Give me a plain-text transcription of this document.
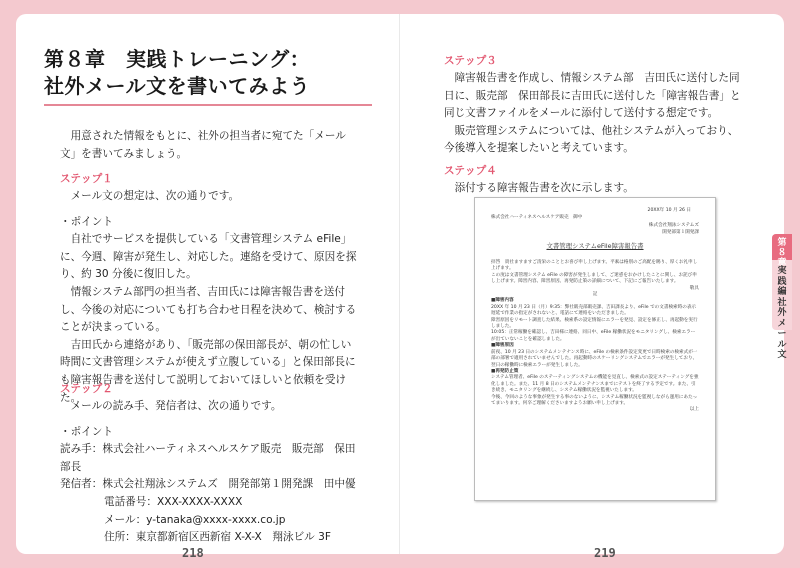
第８章　実践トレーニング：
社外メール文を書いてみよう

用意された情報をもとに、社外の担当者に宛てた「メール文」を書いてみましょう。

ステップ１

メール文の想定は、次の通りです。

・ポイント

自社でサービスを提供している「文書管理システム eFile」に、今週、障害が発生し、対応した。連絡を受けて、原因を探り、約 30 分後に復旧した。

情報システム部門の担当者、吉田氏には障害報告書を送付し、今後の対応についても打ち合わせ日程を決めて、検討することが決まっている。

吉田氏から連絡があり、「販売部の保田部長が、朝の忙しい時間に文書管理システムが使えず立腹している」と保田部長にも障害報告書を送付して説明しておいてほしいと依頼を受けた。

ステップ２

メールの読み手、発信者は、次の通りです。

・ポイント

読み手：株式会社ハーティネスヘルスケア販売　販売部　保田部長

発信者：株式会社翔泳システムズ　開発部第１開発課　田中優

電話番号：XXX-XXXX-XXXX

メール：y-tanaka@xxxx-xxxx.co.jp

住所：東京都新宿区西新宿 X-X-X　翔泳ビル 3F

218
ステップ３

障害報告書を作成し、情報システム部　吉田氏に送付した同日に、販売部　保田部長に吉田氏に送付した「障害報告書」と同じ文書ファイルをメールに添付して送付する想定です。

販売管理システムについては、他社システムが入っており、今後導入を提案したいと考えています。

ステップ４

添付する障害報告書を次に示します。

20XX年 10 月 26 日
株式会社ハーティネスヘルスケア販売　御中
株式会社翔泳システムズ
開発部第１開発課
文書管理システムeFile障害報告書

拝啓　貴社ますますご清栄のこととお喜び申し上げます。平素は格別のご高配を賜り、厚くお礼申し上げます。

この度は文書管理システム eFile の障害が発生しまして、ご迷惑をおかけしたことに関し、お詫び申し上げます。障害内容、障害原因、再発防止策の詳細について、下記にご報告いたします。

敬具

記

■障害内容

20XX 年 10 月 23 日（月）9:35：弊社販売部販売課、吉田課長より、eFile での文書検索時の表示遅延で作業の指定がされないと、電話にて連絡をいただきました。

障害原因をリモート調査した結果、検索系の設定情報にエラーを発見、設定を修正し、再起動を実行しました。

10:05：正常稼働を確認し、吉田様に連絡、同日中、eFile 稼働状況をモニタリングし、検索エラーが出ていないことを確認しました。

■障害原因

前夜、10 月 23 日のシステムメンテナンス時に、eFile の検索条件設定変更で日時検索の検索式が一部の部署で適用されていませんでした。再起動時のスケーリングシステムでエラーが発生しており、翌日の稼働時に検索エラーが発生しました。

■再発防止策

システム管理者、eFile のステーティングシステムの機能を見直し、検索式の設定ステーティングを強化しました。また、11 月 8 日のシステムメンテナンスまでにテストを終了する予定です。また、引き続き、モニタリングを継続し、システム稼働状況を監視いたします。

今後、今回のような事象が発生する事のないように、システム稼働状況を監視しながら運用にあたってまいります。何卒ご理解くださいますようお願い申し上げます。

以上

第８章
実践編　社外メール文
219
